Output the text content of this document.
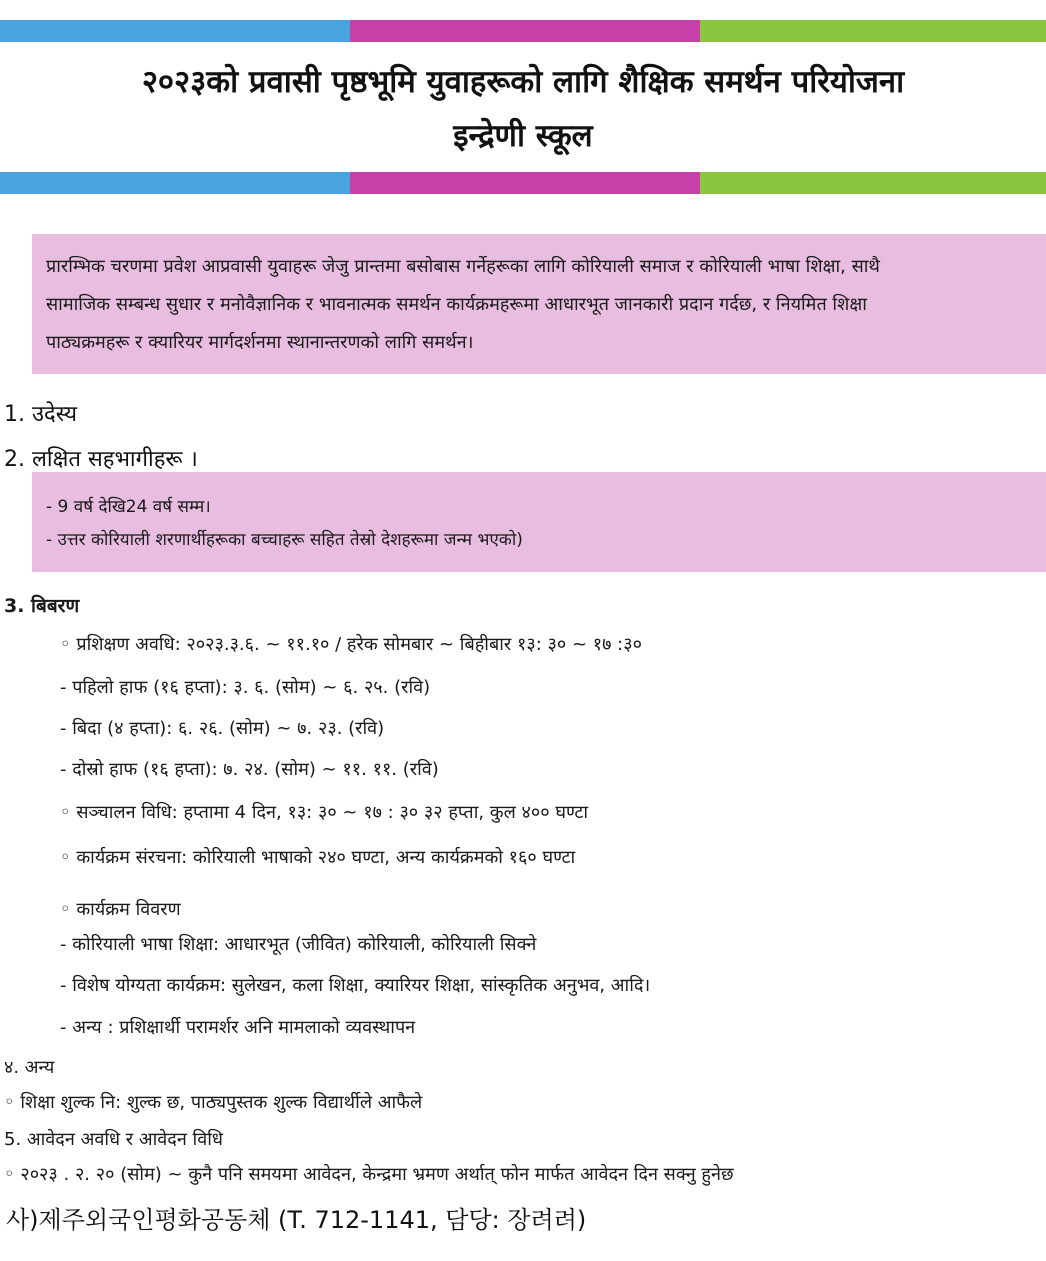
२०२३को प्रवासी पृष्ठभूमि युवाहरूको लागि शैक्षिक समर्थन परियोजना
इन्द्रेणी स्कूल
प्रारम्भिक चरणमा प्रवेश आप्रवासी युवाहरू जेजु प्रान्तमा बसोबास गर्नेहरूका लागि कोरियाली समाज र कोरियाली भाषा शिक्षा, साथै
सामाजिक सम्बन्ध सुधार र मनोवैज्ञानिक र भावनात्मक समर्थन कार्यक्रमहरूमा आधारभूत जानकारी प्रदान गर्दछ, र नियमित शिक्षा
पाठ्यक्रमहरू र क्यारियर मार्गदर्शनमा स्थानान्तरणको लागि समर्थन।
1. उदेस्य
2. लक्षित सहभागीहरू ।
- 9 वर्ष देखि24 वर्ष सम्म।
- उत्तर कोरियाली शरणार्थीहरूका बच्चाहरू सहित तेस्रो देशहरूमा जन्म भएको)
3. बिबरण
◦ प्रशिक्षण अवधि: २०२३.३.६. ~ ११.१० / हरेक सोमबार ~ बिहीबार १३: ३० ~ १७ :३०
- पहिलो हाफ (१६ हप्ता): ३. ६. (सोम) ~ ६. २५. (रवि)
- बिदा (४ हप्ता): ६. २६. (सोम) ~ ७. २३. (रवि)
- दोस्रो हाफ (१६ हप्ता): ७. २४. (सोम) ~ ११. ११. (रवि)
◦ सञ्चालन विधि: हप्तामा 4 दिन, १३: ३० ~ १७ : ३० ३२ हप्ता, कुल ४०० घण्टा
◦ कार्यक्रम संरचना: कोरियाली भाषाको २४० घण्टा, अन्य कार्यक्रमको १६० घण्टा
◦ कार्यक्रम विवरण
- कोरियाली भाषा शिक्षा: आधारभूत (जीवित) कोरियाली, कोरियाली सिक्ने
- विशेष योग्यता कार्यक्रम: सुलेखन, कला शिक्षा, क्यारियर शिक्षा, सांस्कृतिक अनुभव, आदि।
- अन्य : प्रशिक्षार्थी परामर्शर अनि मामलाको व्यवस्थापन
४. अन्य
◦ शिक्षा शुल्क नि: शुल्क छ, पाठ्यपुस्तक शुल्क विद्यार्थीले आफैले
5. आवेदन अवधि र आवेदन विधि
◦ २०२३ . २. २० (सोम) ~ कुनै पनि समयमा आवेदन, केन्द्रमा भ्रमण अर्थात् फोन मार्फत आवेदन दिन सक्नु हुनेछ
사)제주외국인평화공동체 (T. 712-1141, 담당: 장려려)
